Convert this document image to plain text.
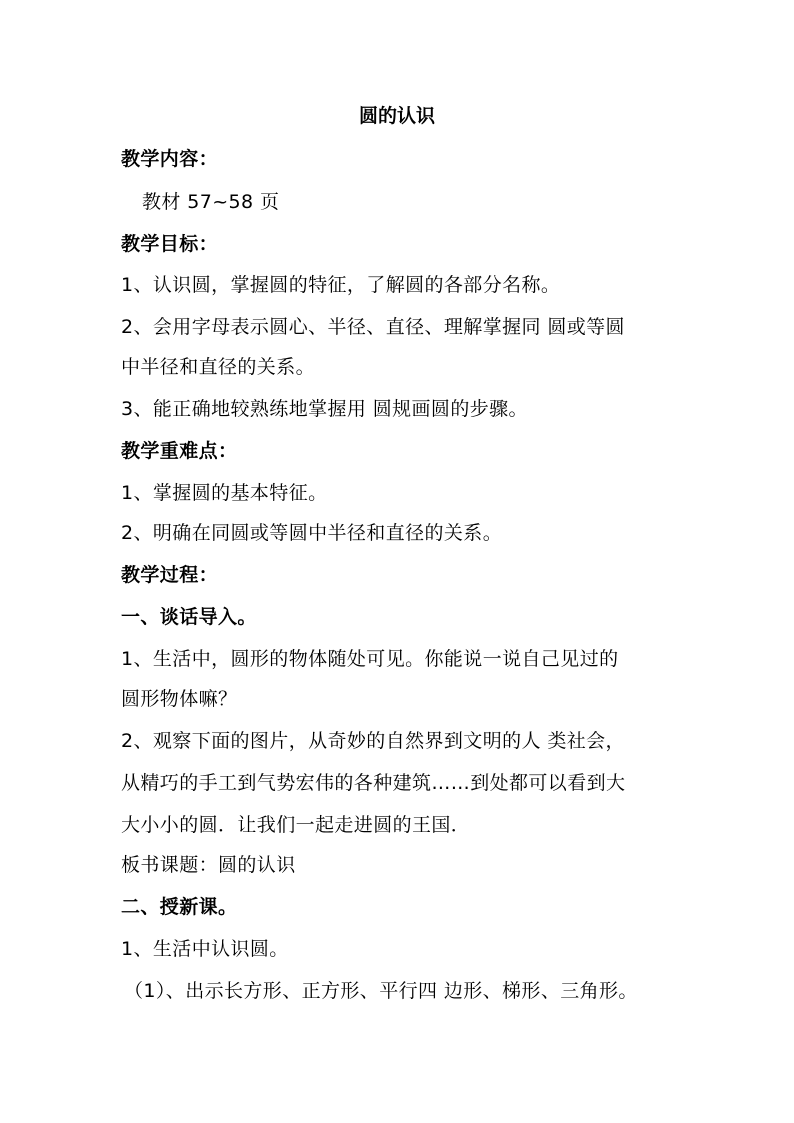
圆的认识
教学内容：
教材 57~58 页
教学目标：
1、认识圆，掌握圆的特征，了解圆的各部分名称。
2、会用字母表示圆心、半径、直径、理解掌握同 圆或等圆
中半径和直径的关系。
3、能正确地较熟练地掌握用 圆规画圆的步骤。
教学重难点：
1、掌握圆的基本特征。
2、明确在同圆或等圆中半径和直径的关系。
教学过程：
一、谈话导入。
1、生活中，圆形的物体随处可见。你能说一说自己见过的
圆形物体嘛？
2、观察下面的图片，从奇妙的自然界到文明的人 类社会，
从精巧的手工到气势宏伟的各种建筑……到处都可以看到大
大小小的圆．让我们一起走进圆的王国．
板书课题：圆的认识
二、授新课。
1、生活中认识圆。
（1）、出示长方形、正方形、平行四 边形、梯形、三角形。
